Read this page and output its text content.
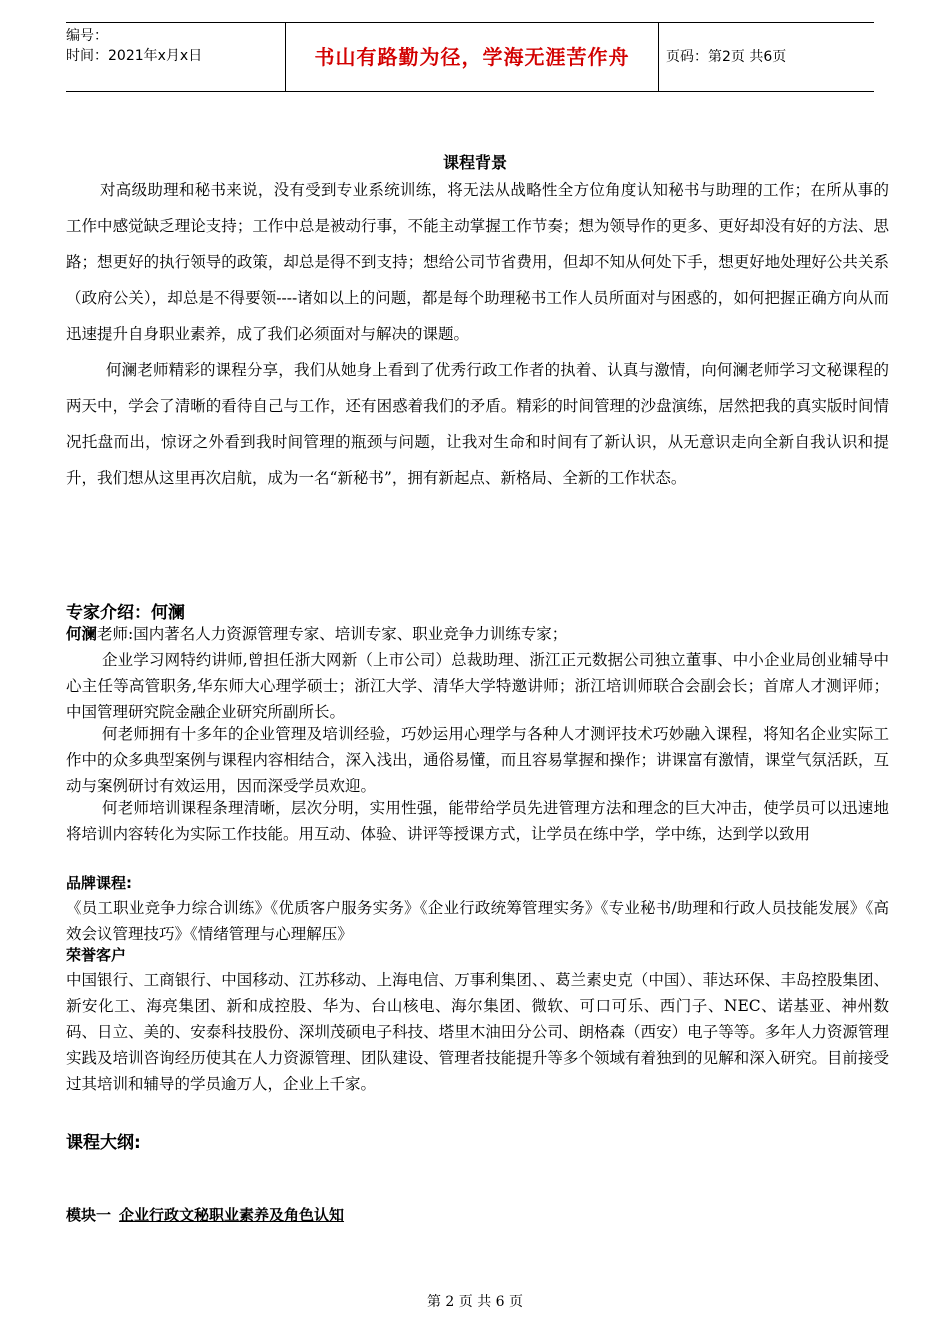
编号：
时间：2021年x月x日	书山有路勤为径，学海无涯苦作舟	页码：第2页 共6页
课程背景

对高级助理和秘书来说，没有受到专业系统训练，将无法从战略性全方位角度认知秘书与助理的工作；在所从事的工作中感觉缺乏理论支持；工作中总是被动行事，不能主动掌握工作节奏；想为领导作的更多、更好却没有好的方法、思路；想更好的执行领导的政策，却总是得不到支持；想给公司节省费用，但却不知从何处下手，想更好地处理好公共关系（政府公关），却总是不得要领----诸如以上的问题，都是每个助理秘书工作人员所面对与困惑的，如何把握正确方向从而迅速提升自身职业素养，成了我们必须面对与解决的课题。

何澜老师精彩的课程分享，我们从她身上看到了优秀行政工作者的执着、认真与激情，向何澜老师学习文秘课程的两天中，学会了清晰的看待自己与工作，还有困惑着我们的矛盾。精彩的时间管理的沙盘演练，居然把我的真实版时间情况托盘而出，惊讶之外看到我时间管理的瓶颈与问题，让我对生命和时间有了新认识，从无意识走向全新自我认识和提升，我们想从这里再次启航，成为一名“新秘书”，拥有新起点、新格局、全新的工作状态。

专家介绍：何澜

何澜老师:国内著名人力资源管理专家、培训专家、职业竞争力训练专家；

企业学习网特约讲师,曾担任浙大网新（上市公司）总裁助理、浙江正元数据公司独立董事、中小企业局创业辅导中心主任等高管职务,华东师大心理学硕士；浙江大学、清华大学特邀讲师；浙江培训师联合会副会长；首席人才测评师；中国管理研究院金融企业研究所副所长。

何老师拥有十多年的企业管理及培训经验，巧妙运用心理学与各种人才测评技术巧妙融入课程，将知名企业实际工作中的众多典型案例与课程内容相结合，深入浅出，通俗易懂，而且容易掌握和操作；讲课富有激情，课堂气氛活跃，互动与案例研讨有效运用，因而深受学员欢迎。

何老师培训课程条理清晰，层次分明，实用性强，能带给学员先进管理方法和理念的巨大冲击，使学员可以迅速地将培训内容转化为实际工作技能。用互动、体验、讲评等授课方式，让学员在练中学，学中练，达到学以致用

品牌课程:

《员工职业竞争力综合训练》《优质客户服务实务》《企业行政统筹管理实务》《专业秘书/助理和行政人员技能发展》《高效会议管理技巧》《情绪管理与心理解压》

荣誉客户

中国银行、工商银行、中国移动、江苏移动、上海电信、万事利集团、、葛兰素史克（中国）、菲达环保、丰岛控股集团、新安化工、海亮集团、新和成控股、华为、台山核电、海尔集团、微软、可口可乐、西门子、NEC、诺基亚、神州数码、日立、美的、安泰科技股份、深圳茂硕电子科技、塔里木油田分公司、朗格森（西安）电子等等。多年人力资源管理实践及培训咨询经历使其在人力资源管理、团队建设、管理者技能提升等多个领域有着独到的见解和深入研究。目前接受过其培训和辅导的学员逾万人，企业上千家。

课程大纲:
模块一 企业行政文秘职业素养及角色认知
第 2 页 共 6 页
